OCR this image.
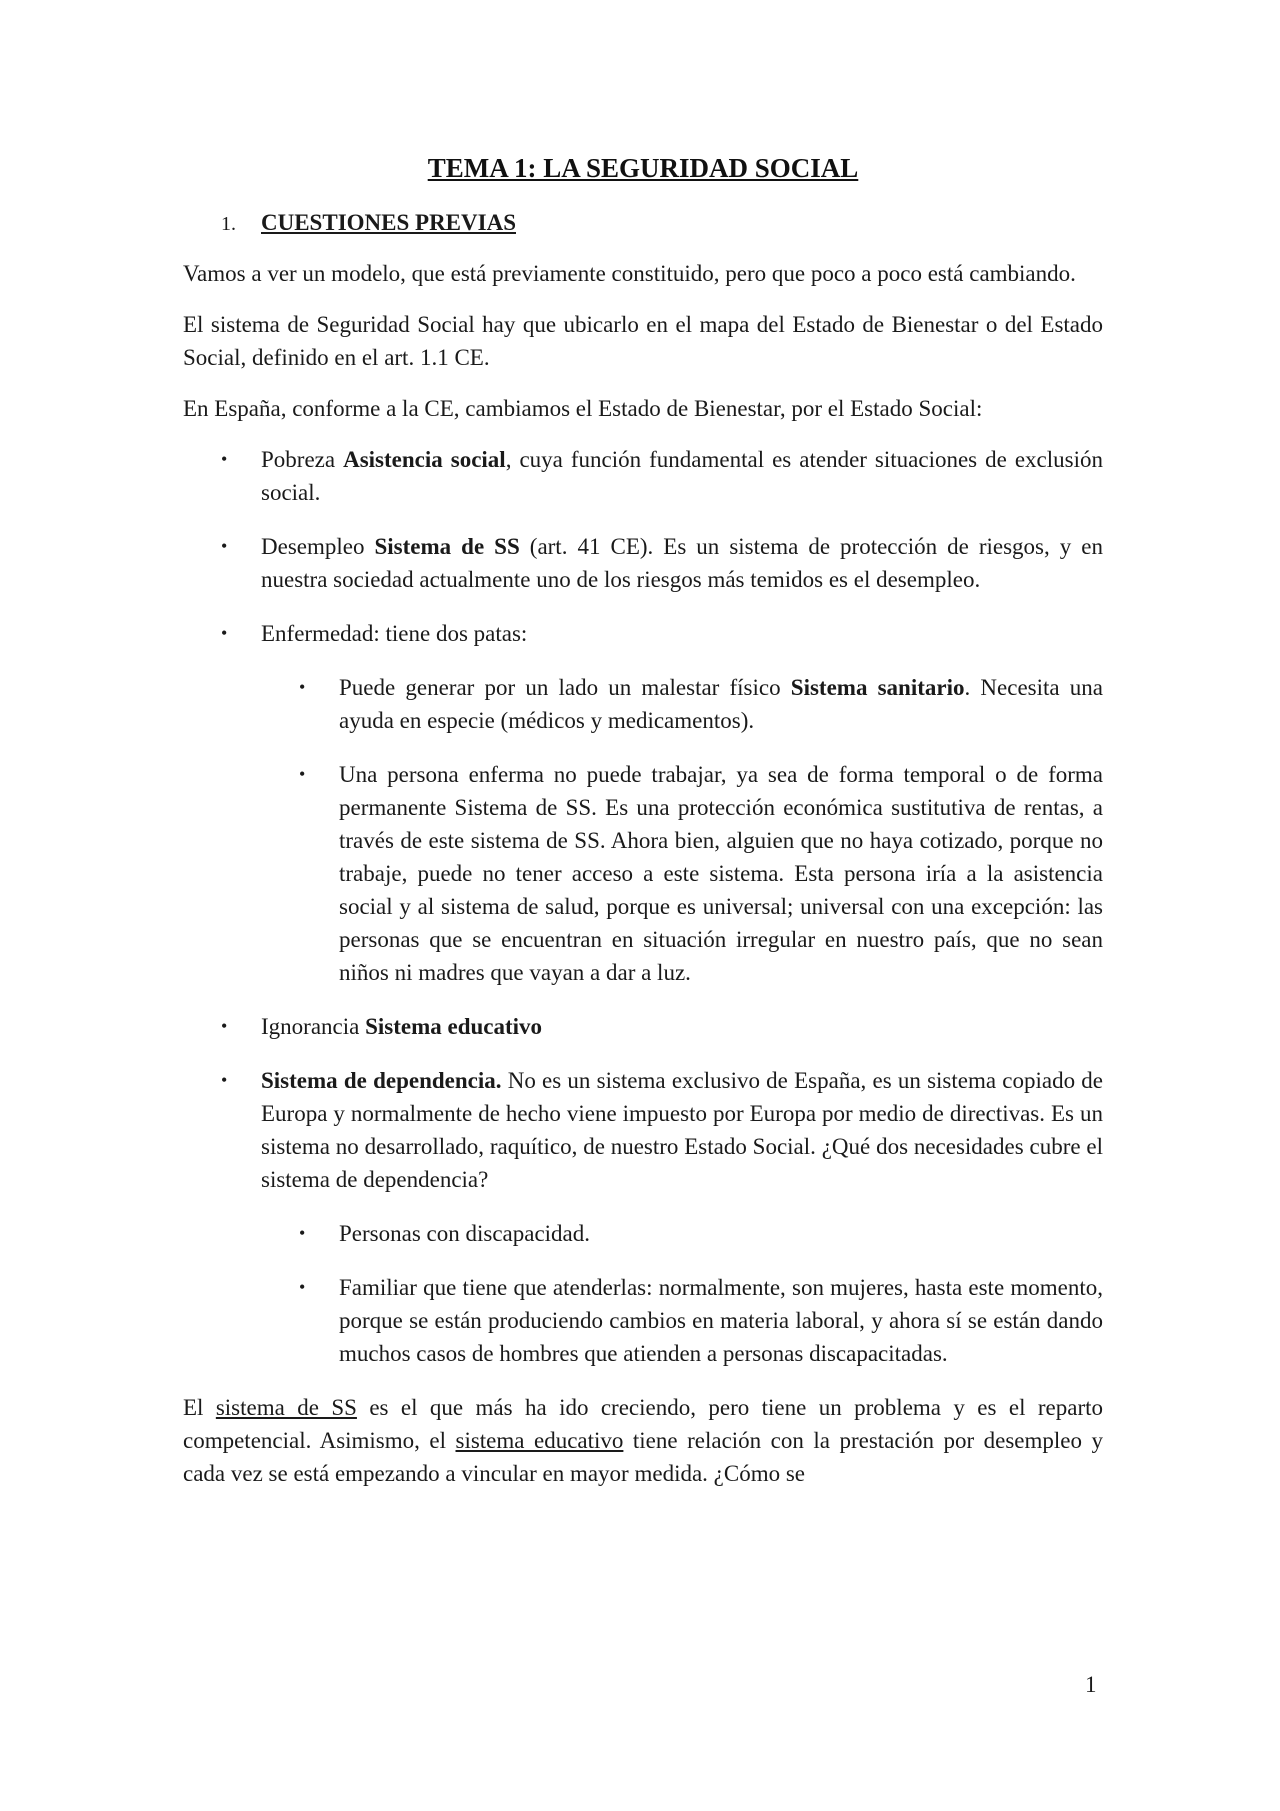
TEMA 1: LA SEGURIDAD SOCIAL
1.	CUESTIONES PREVIAS

Vamos a ver un modelo, que está previamente constituido, pero que poco a poco está cambiando.

El sistema de Seguridad Social hay que ubicarlo en el mapa del Estado de Bienestar o del Estado Social, definido en el art. 1.1 CE.

En España, conforme a la CE, cambiamos el Estado de Bienestar, por el Estado Social:

• Pobreza Asistencia social, cuya función fundamental es atender situaciones de exclusión social.
• Desempleo Sistema de SS (art. 41 CE). Es un sistema de protección de riesgos, y en nuestra sociedad actualmente uno de los riesgos más temidos es el desempleo.
• Enfermedad: tiene dos patas:
• Puede generar por un lado un malestar físico Sistema sanitario. Necesita una ayuda en especie (médicos y medicamentos).
• Una persona enferma no puede trabajar, ya sea de forma temporal o de forma permanente Sistema de SS. Es una protección económica sustitutiva de rentas, a través de este sistema de SS. Ahora bien, alguien que no haya cotizado, porque no trabaje, puede no tener acceso a este sistema. Esta persona iría a la asistencia social y al sistema de salud, porque es universal; universal con una excepción: las personas que se encuentran en situación irregular en nuestro país, que no sean niños ni madres que vayan a dar a luz.
• Ignorancia Sistema educativo
• Sistema de dependencia. No es un sistema exclusivo de España, es un sistema copiado de Europa y normalmente de hecho viene impuesto por Europa por medio de directivas. Es un sistema no desarrollado, raquítico, de nuestro Estado Social. ¿Qué dos necesidades cubre el sistema de dependencia?
• Personas con discapacidad.
• Familiar que tiene que atenderlas: normalmente, son mujeres, hasta este momento, porque se están produciendo cambios en materia laboral, y ahora sí se están dando muchos casos de hombres que atienden a personas discapacitadas.

El sistema de SS es el que más ha ido creciendo, pero tiene un problema y es el reparto competencial. Asimismo, el sistema educativo tiene relación con la prestación por desempleo y cada vez se está empezando a vincular en mayor medida. ¿Cómo se

1
